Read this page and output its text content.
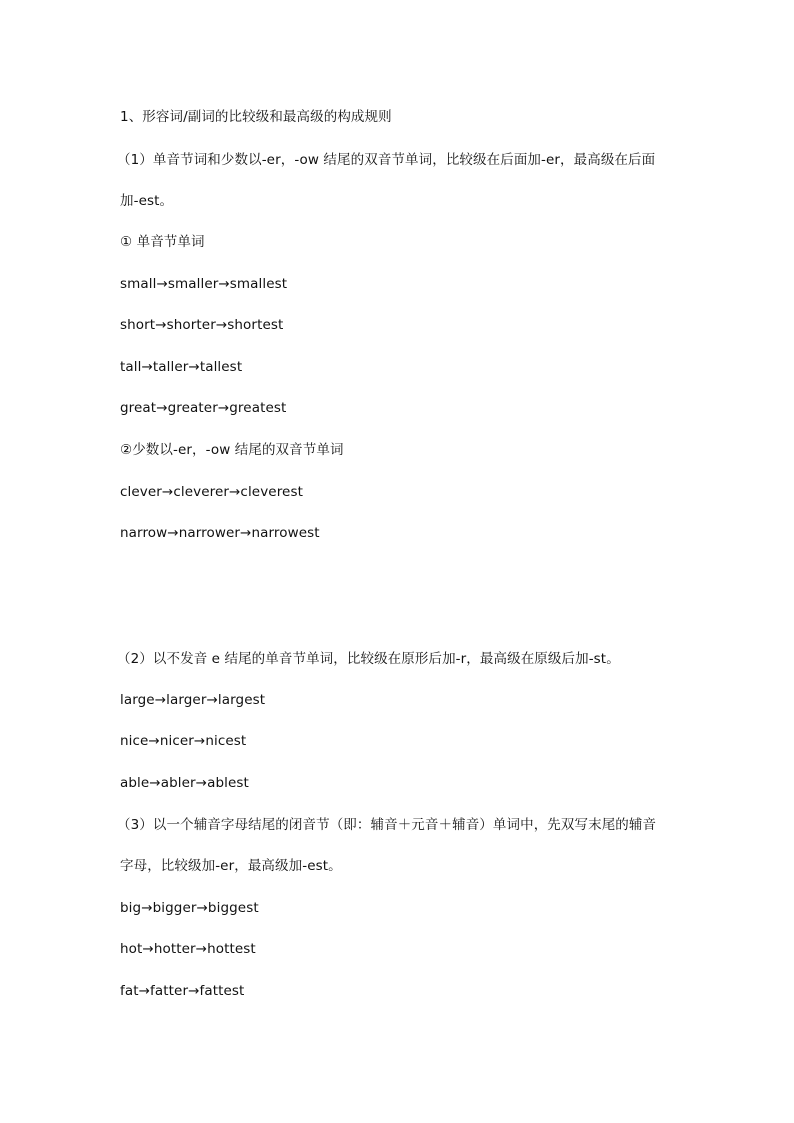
1、形容词/副词的比较级和最高级的构成规则
（1）单音节词和少数以-er，-ow 结尾的双音节单词，比较级在后面加-er，最高级在后面
加-est。
① 单音节单词
small→smaller→smallest
short→shorter→shortest
tall→taller→tallest
great→greater→greatest
②少数以-er，-ow 结尾的双音节单词
clever→cleverer→cleverest
narrow→narrower→narrowest
（2）以不发音 e 结尾的单音节单词，比较级在原形后加-r，最高级在原级后加-st。
large→larger→largest
nice→nicer→nicest
able→abler→ablest
（3）以一个辅音字母结尾的闭音节（即：辅音＋元音＋辅音）单词中，先双写末尾的辅音
字母，比较级加-er，最高级加-est。
big→bigger→biggest
hot→hotter→hottest
fat→fatter→fattest
